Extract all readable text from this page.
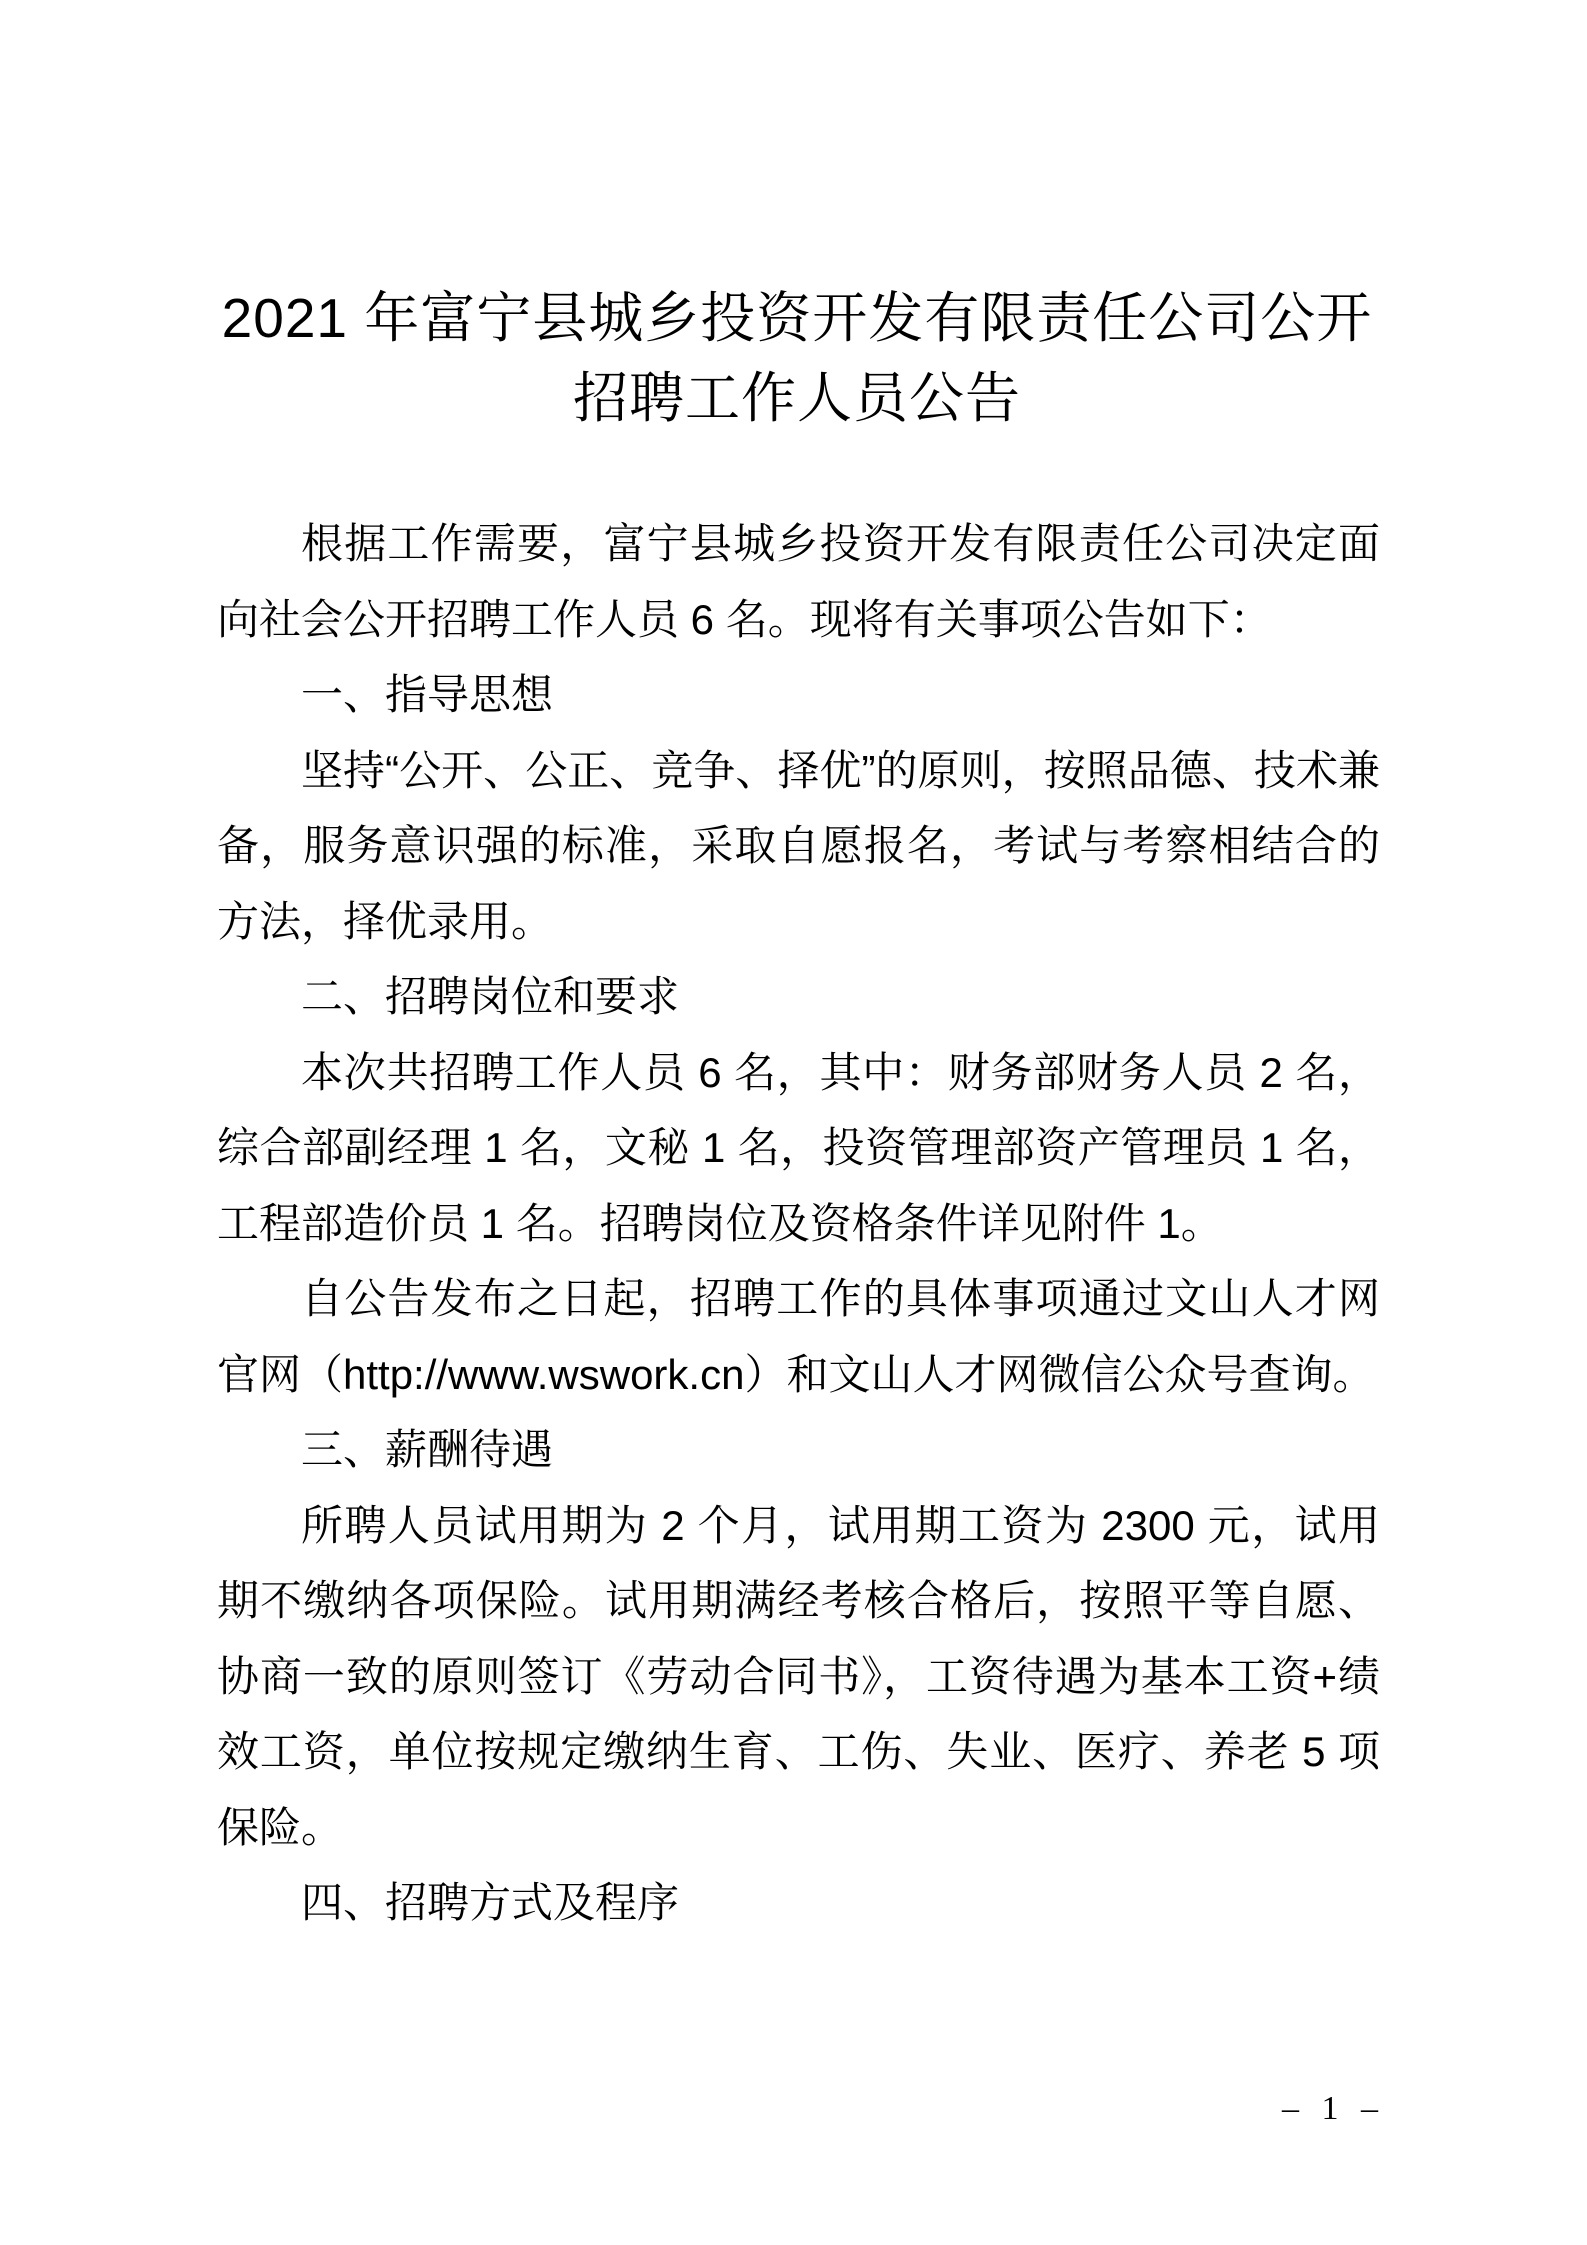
2021 年富宁县城乡投资开发有限责任公司公开
招聘工作人员公告

根据工作需要，富宁县城乡投资开发有限责任公司决定面向社会公开招聘工作人员 6 名。现将有关事项公告如下：

一、指导思想

坚持“公开、公正、竞争、择优”的原则，按照品德、技术兼备，服务意识强的标准，采取自愿报名，考试与考察相结合的方法，择优录用。

二、招聘岗位和要求

本次共招聘工作人员 6 名，其中：财务部财务人员 2 名，综合部副经理 1 名，文秘 1 名，投资管理部资产管理员 1 名，工程部造价员 1 名。招聘岗位及资格条件详见附件 1。

自公告发布之日起，招聘工作的具体事项通过文山人才网官网（http://www.wswork.cn）和文山人才网微信公众号查询。

三、薪酬待遇

所聘人员试用期为 2 个月，试用期工资为 2300 元，试用期不缴纳各项保险。试用期满经考核合格后，按照平等自愿、协商一致的原则签订《劳动合同书》，工资待遇为基本工资+绩效工资，单位按规定缴纳生育、工伤、失业、医疗、养老 5 项保险。

四、招聘方式及程序

– 1 –
